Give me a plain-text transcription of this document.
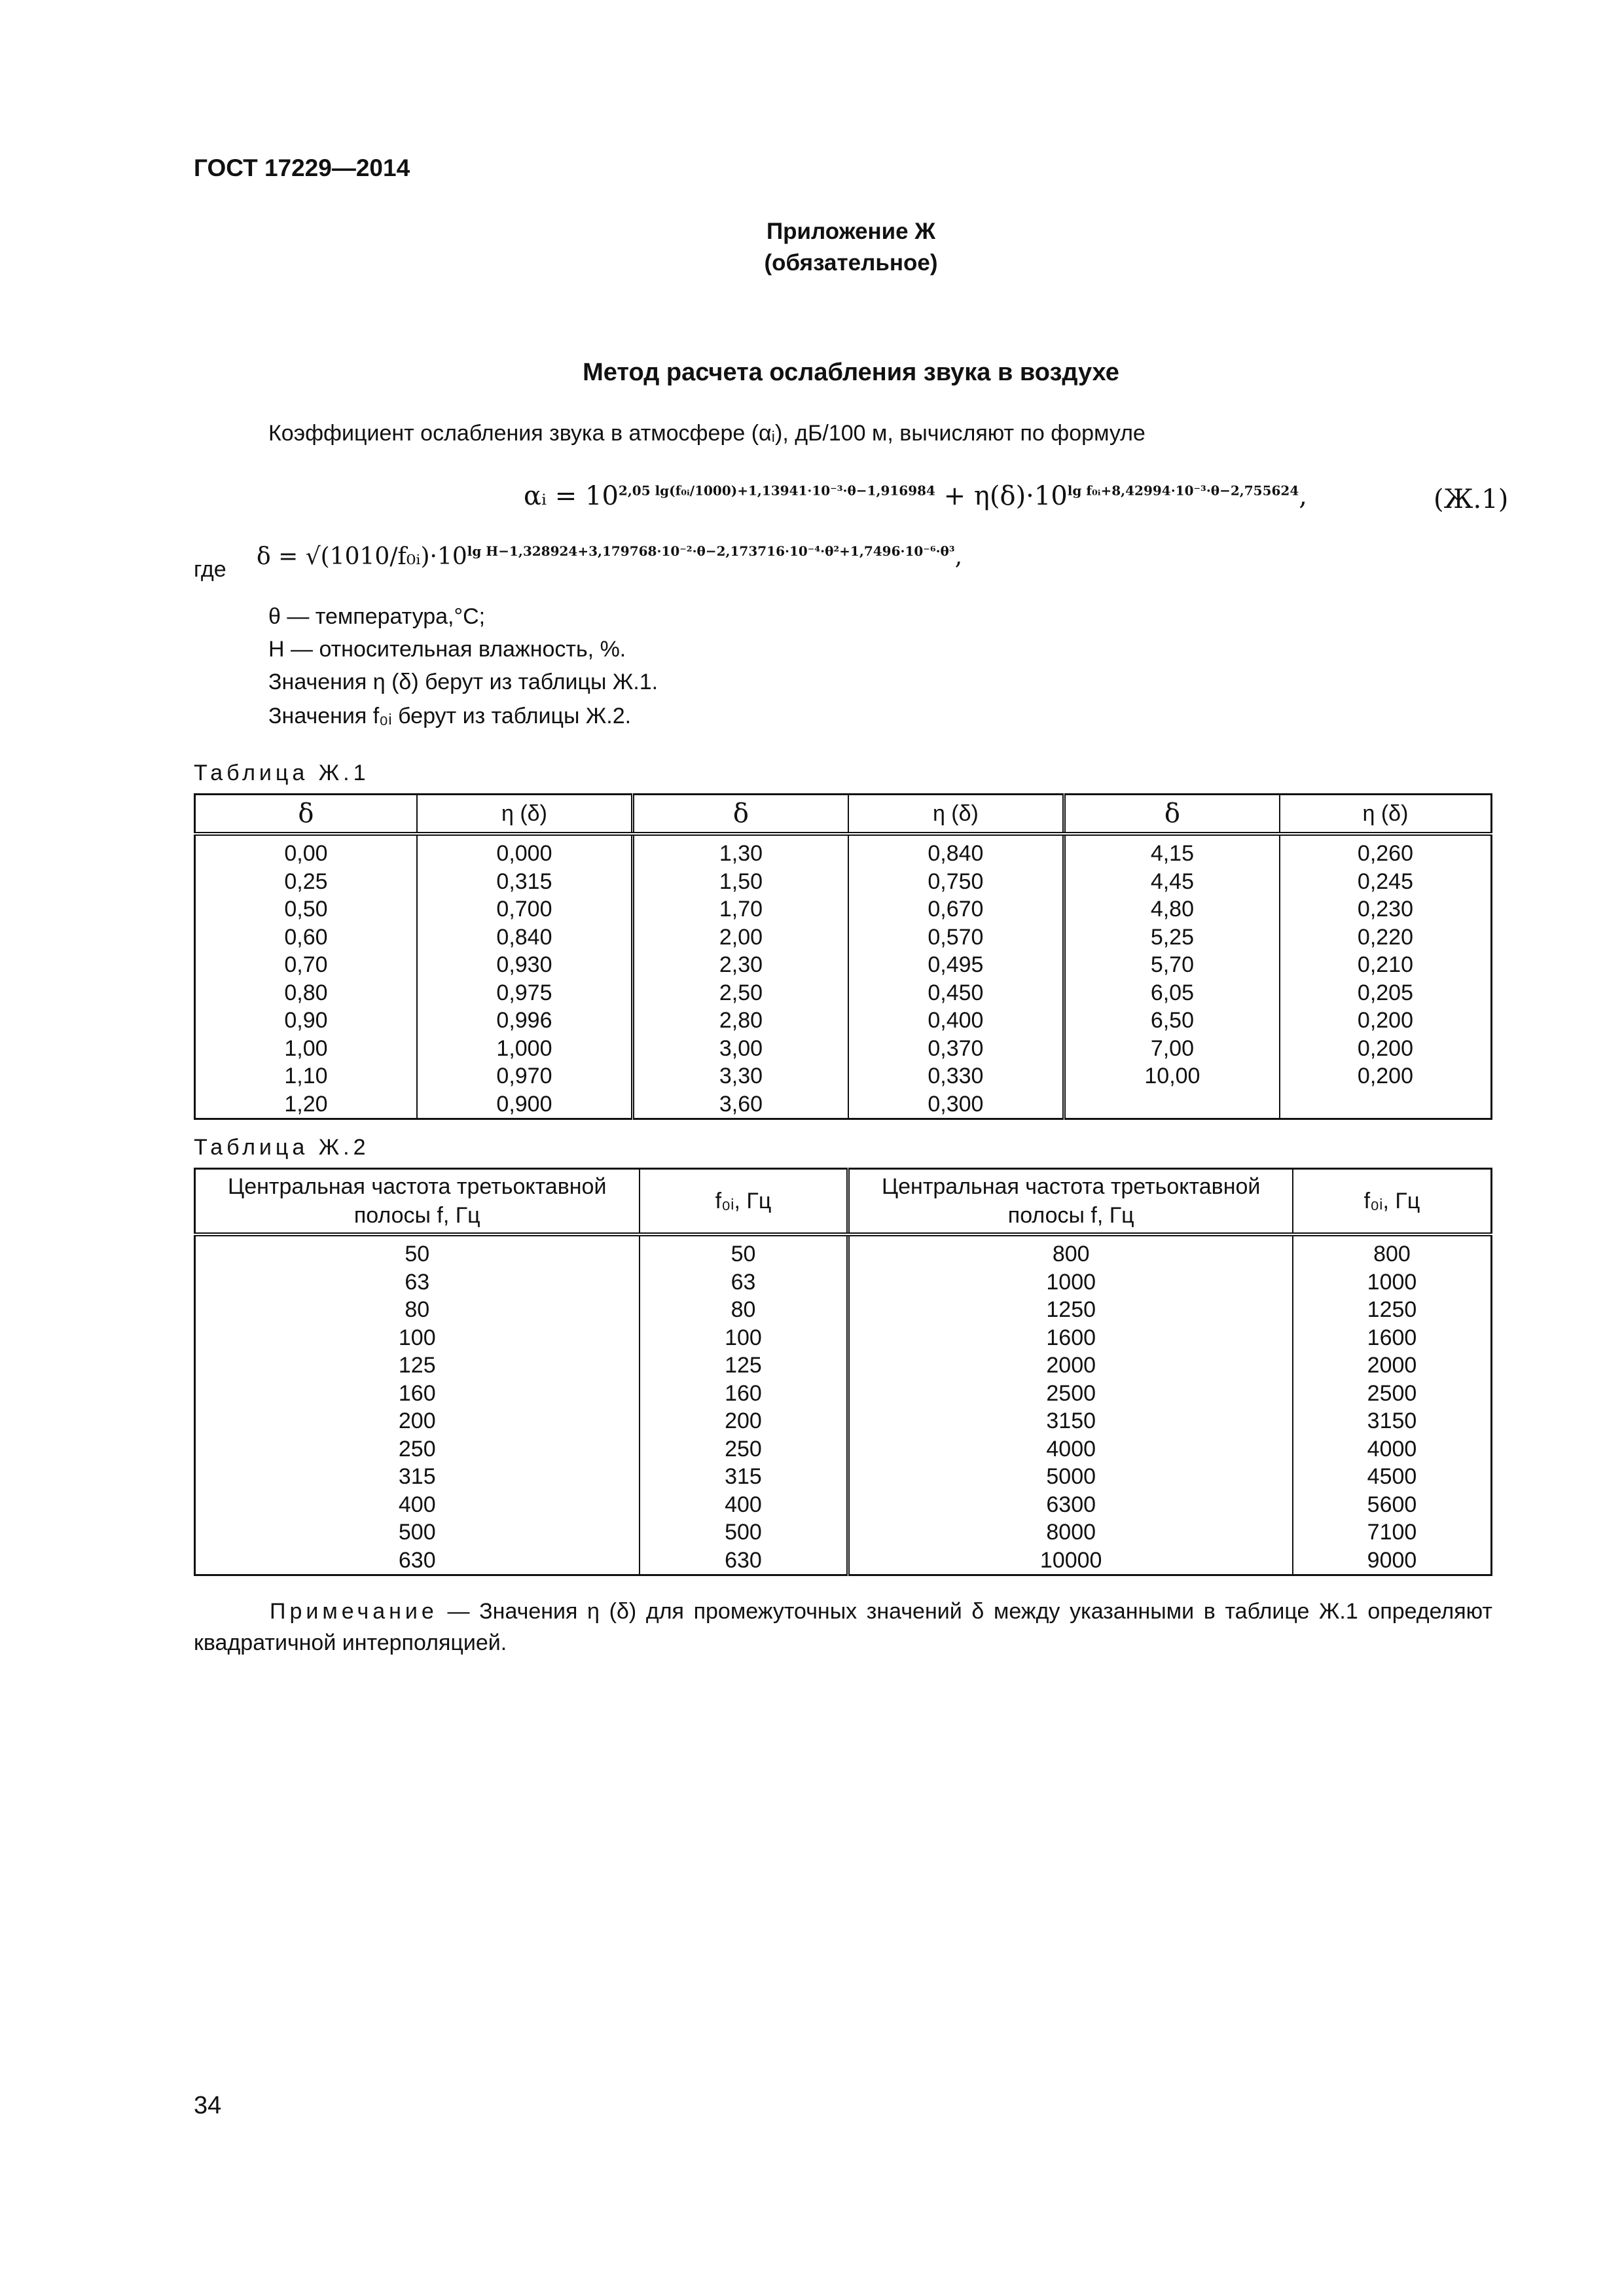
ГОСТ 17229—2014
Приложение Ж
(обязательное)
Метод расчета ослабления звука в воздухе
Коэффициент ослабления звука в атмосфере (αᵢ), дБ/100 м, вычисляют по формуле
αᵢ = $10^{2,05 lg(f_0ᵢ/1000)+1,13941\cdot 10^{-3}\cdot\theta-1,916984} + \eta(\delta)\cdot 10^{lg f_0ᵢ+8,42994\cdot 10^{-3}\cdot\theta-2,755624}$,	(Ж.1)
где $\delta = √(1010/f_0ᵢ)\cdot 10^{lg H-1,328924+3,179768\cdot 10^{-2}\cdot\theta-2,173716\cdot 10^{-4}\cdot\theta^2+1,7496\cdot 10^{-6}\cdot\theta^3}$,
θ — температура,°С;
H — относительная влажность, %.
Значения η (δ) берут из таблицы Ж.1.
Значения f₀ᵢ берут из таблицы Ж.2.
Таблица Ж.1
δ	η (δ)	δ	η (δ)	δ	η (δ)
0,00	0,000	1,30	0,840	4,15	0,260
0,25	0,315	1,50	0,750	4,45	0,245
0,50	0,700	1,70	0,670	4,80	0,230
0,60	0,840	2,00	0,570	5,25	0,220
0,70	0,930	2,30	0,495	5,70	0,210
0,80	0,975	2,50	0,450	6,05	0,205
0,90	0,996	2,80	0,400	6,50	0,200
1,00	1,000	3,00	0,370	7,00	0,200
1,10	0,970	3,30	0,330	10,00	0,200
1,20	0,900	3,60	0,300		
Таблица Ж.2
Центральная частота третьоктавной полосы f, Гц	f₀ᵢ, Гц	Центральная частота третьоктавной полосы f, Гц	f₀ᵢ, Гц
50	50	800	800
63	63	1000	1000
80	80	1250	1250
100	100	1600	1600
125	125	2000	2000
160	160	2500	2500
200	200	3150	3150
250	250	4000	4000
315	315	5000	4500
400	400	6300	5600
500	500	8000	7100
630	630	10000	9000
Примечание — Значения η (δ) для промежуточных значений δ между указанными в таблице Ж.1 определяют квадратичной интерполяцией.
34
